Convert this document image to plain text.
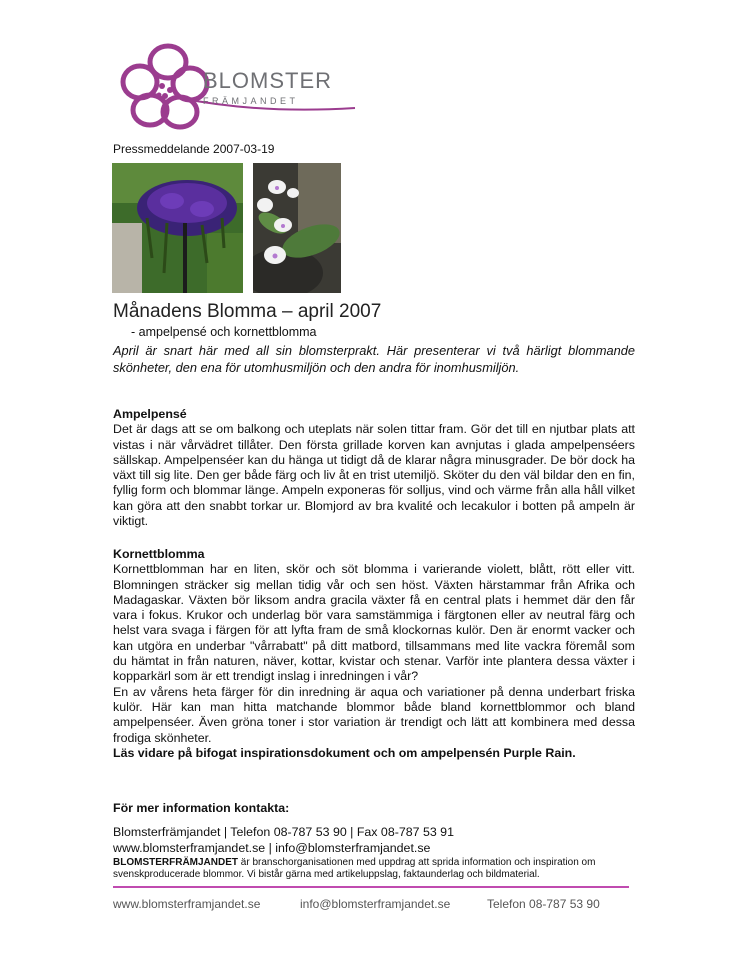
BLOMSTER
FRÄMJANDET
Pressmeddelande 2007-03-19
Månadens Blomma – april 2007
- ampelpensé och kornettblomma
April är snart här med all sin blomsterprakt. Här presenterar vi två härligt blommande skönheter, den ena för utomhusmiljön och den andra för inomhusmiljön.
Ampelpensé

Det är dags att se om balkong och uteplats när solen tittar fram. Gör det till en njutbar plats att vistas i när vårvädret tillåter. Den första grillade korven kan avnjutas i glada ampelpenséers sällskap. Ampelpenséer kan du hänga ut tidigt då de klarar några minusgrader. De bör dock ha växt till sig lite. Den ger både färg och liv åt en trist utemiljö. Sköter du den väl bildar den en fin, fyllig form och blommar länge. Ampeln exponeras för solljus, vind och värme från alla håll vilket kan göra att den snabbt torkar ur. Blomjord av bra kvalité och lecakulor i botten på ampeln är viktigt.

Kornettblomma

Kornettblomman har en liten, skör och söt blomma i varierande violett, blått, rött eller vitt. Blomningen sträcker sig mellan tidig vår och sen höst. Växten härstammar från Afrika och Madagaskar. Växten bör liksom andra gracila växter få en central plats i hemmet där den får vara i fokus. Krukor och underlag bör vara samstämmiga i färgtonen eller av neutral färg och helst vara svaga i färgen för att lyfta fram de små klockornas kulör. Den är enormt vacker och kan utgöra en underbar "vårrabatt" på ditt matbord, tillsammans med lite vackra föremål som du hämtat in från naturen, näver, kottar, kvistar och stenar. Varför inte plantera dessa växter i kopparkärl som är ett trendigt inslag i inredningen i vår?

En av vårens heta färger för din inredning är aqua och variationer på denna underbart friska kulör. Här kan man hitta matchande blommor både bland kornettblommor och bland ampelpenséer. Även gröna toner i stor variation är trendigt och lätt att kombinera med dessa frodiga skönheter.

Läs vidare på bifogat inspirationsdokument och om ampelpensén Purple Rain.

För mer information kontakta:
Blomsterfrämjandet | Telefon 08-787 53 90 | Fax 08-787 53 91
www.blomsterframjandet.se | info@blomsterframjandet.se
BLOMSTERFRÄMJANDET är branschorganisationen med uppdrag att sprida information och inspiration om svenskproducerade blommor. Vi bistår gärna med artikeluppslag, faktaunderlag och bildmaterial.
www.blomsterframjandet.se	info@blomsterframjandet.se	Telefon 08-787 53 90
